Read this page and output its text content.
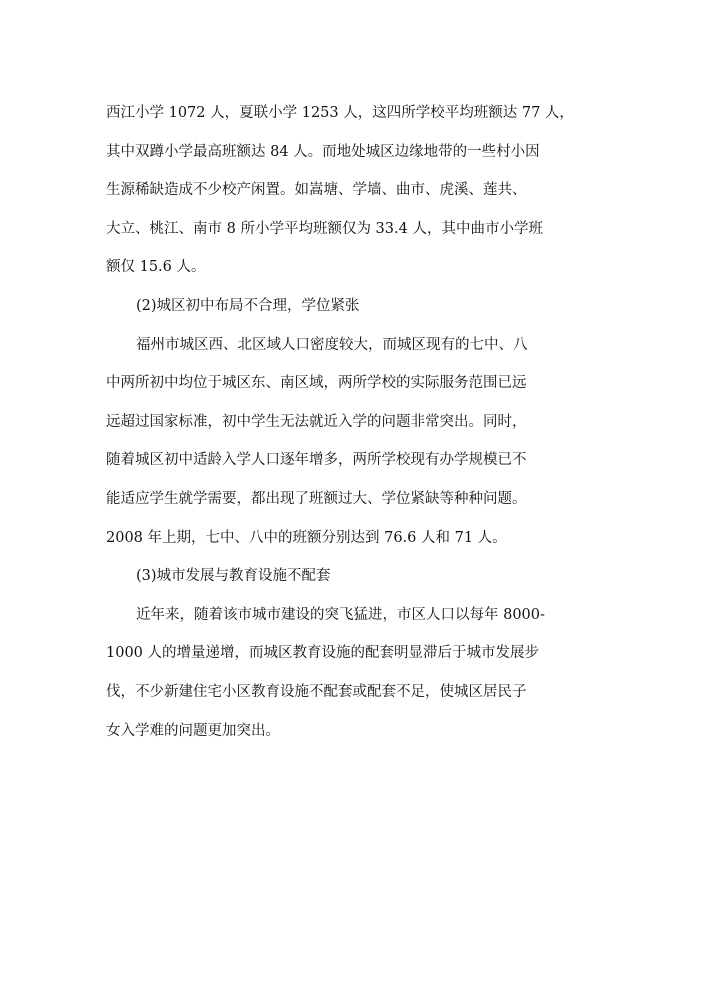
西江小学 1072 人，夏联小学 1253 人，这四所学校平均班额达 77 人，
其中双蹲小学最高班额达 84 人。而地处城区边缘地带的一些村小因
生源稀缺造成不少校产闲置。如嵩塘、学墙、曲市、虎溪、莲共、
大立、桃江、南市 8 所小学平均班额仅为 33.4 人，其中曲市小学班
额仅 15.6 人。
(2)城区初中布局不合理，学位紧张
福州市城区西、北区域人口密度较大，而城区现有的七中、八
中两所初中均位于城区东、南区域，两所学校的实际服务范围已远
远超过国家标准，初中学生无法就近入学的问题非常突出。同时，
随着城区初中适龄入学人口逐年增多，两所学校现有办学规模已不
能适应学生就学需要，都出现了班额过大、学位紧缺等种种问题。
2008 年上期，七中、八中的班额分别达到 76.6 人和 71 人。
(3)城市发展与教育设施不配套
近年来，随着该市城市建设的突飞猛进，市区人口以每年 8000-
1000 人的增量递增，而城区教育设施的配套明显滞后于城市发展步
伐，不少新建住宅小区教育设施不配套或配套不足，使城区居民子
女入学难的问题更加突出。
